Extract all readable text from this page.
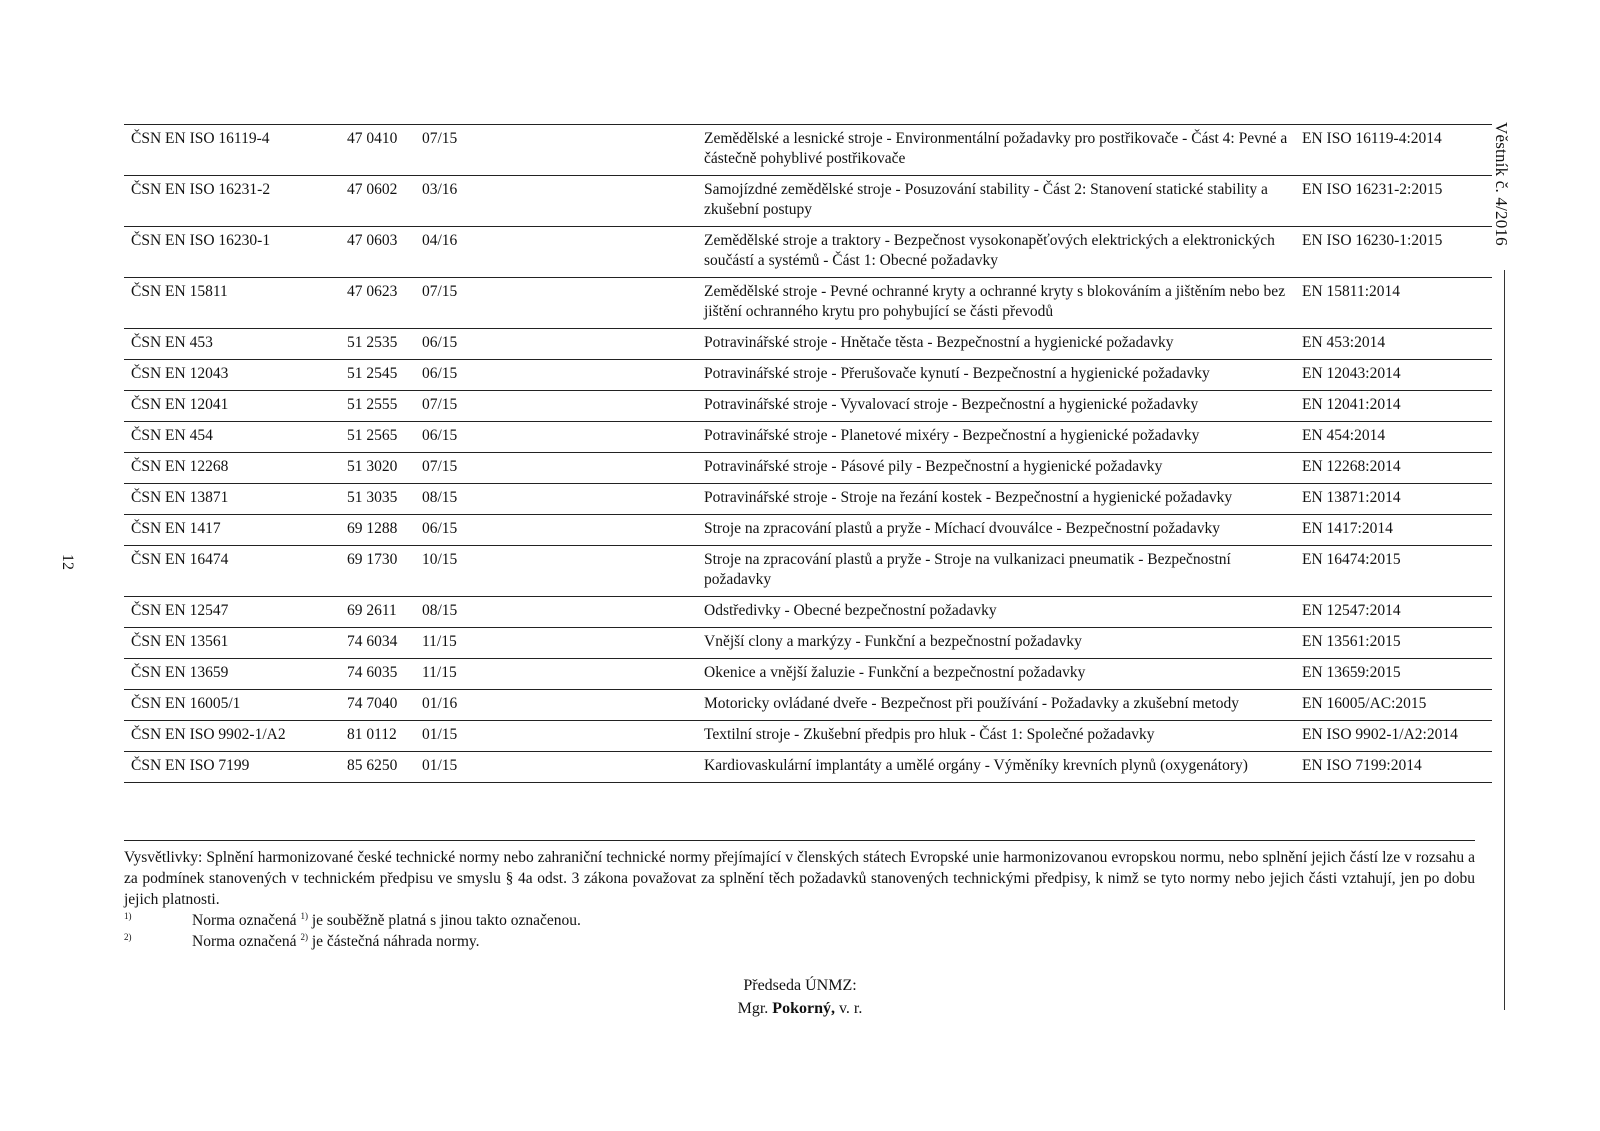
12
Věstník č. 4/2016
ČSN EN ISO 16119-4	47 0410	07/15	Zemědělské a lesnické stroje - Environmentální požadavky pro postřikovače - Část 4: Pevné a částečně pohyblivé postřikovače	EN ISO 16119-4:2014
ČSN EN ISO 16231-2	47 0602	03/16	Samojízdné zemědělské stroje - Posuzování stability - Část 2: Stanovení statické stability a zkušební postupy	EN ISO 16231-2:2015
ČSN EN ISO 16230-1	47 0603	04/16	Zemědělské stroje a traktory - Bezpečnost vysokonapěťových elektrických a elektronických součástí a systémů - Část 1: Obecné požadavky	EN ISO 16230-1:2015
ČSN EN 15811	47 0623	07/15	Zemědělské stroje - Pevné ochranné kryty a ochranné kryty s blokováním a jištěním nebo bez jištění ochranného krytu pro pohybující se části převodů	EN 15811:2014
ČSN EN 453	51 2535	06/15	Potravinářské stroje - Hnětače těsta - Bezpečnostní a hygienické požadavky	EN 453:2014
ČSN EN 12043	51 2545	06/15	Potravinářské stroje - Přerušovače kynutí - Bezpečnostní a hygienické požadavky	EN 12043:2014
ČSN EN 12041	51 2555	07/15	Potravinářské stroje - Vyvalovací stroje - Bezpečnostní a hygienické požadavky	EN 12041:2014
ČSN EN 454	51 2565	06/15	Potravinářské stroje - Planetové mixéry - Bezpečnostní a hygienické požadavky	EN 454:2014
ČSN EN 12268	51 3020	07/15	Potravinářské stroje - Pásové pily - Bezpečnostní a hygienické požadavky	EN 12268:2014
ČSN EN 13871	51 3035	08/15	Potravinářské stroje - Stroje na řezání kostek - Bezpečnostní a hygienické požadavky	EN 13871:2014
ČSN EN 1417	69 1288	06/15	Stroje na zpracování plastů a pryže - Míchací dvouválce - Bezpečnostní požadavky	EN 1417:2014
ČSN EN 16474	69 1730	10/15	Stroje na zpracování plastů a pryže - Stroje na vulkanizaci pneumatik - Bezpečnostní požadavky	EN 16474:2015
ČSN EN 12547	69 2611	08/15	Odstředivky - Obecné bezpečnostní požadavky	EN 12547:2014
ČSN EN 13561	74 6034	11/15	Vnější clony a markýzy - Funkční a bezpečnostní požadavky	EN 13561:2015
ČSN EN 13659	74 6035	11/15	Okenice a vnější žaluzie - Funkční a bezpečnostní požadavky	EN 13659:2015
ČSN EN 16005/1	74 7040	01/16	Motoricky ovládané dveře - Bezpečnost při používání - Požadavky a zkušební metody	EN 16005/AC:2015
ČSN EN ISO 9902-1/A2	81 0112	01/15	Textilní stroje - Zkušební předpis pro hluk - Část 1: Společné požadavky	EN ISO 9902-1/A2:2014
ČSN EN ISO 7199	85 6250	01/15	Kardiovaskulární implantáty a umělé orgány - Výměníky krevních plynů (oxygenátory)	EN ISO 7199:2014
Vysvětlivky: Splnění harmonizované české technické normy nebo zahraniční technické normy přejímající v členských státech Evropské unie harmonizovanou evropskou normu, nebo splnění jejich částí lze v rozsahu a za podmínek stanovených v technickém předpisu ve smyslu § 4a odst. 3 zákona považovat za splnění těch požadavků stanovených technickými předpisy, k nimž se tyto normy nebo jejich části vztahují, jen po dobu jejich platnosti.
1)	Norma označená $^{1)}$ je souběžně platná s jinou takto označenou.
2)	Norma označená $^{2)}$ je částečná náhrada normy.
Předseda ÚNMZ:
Mgr. Pokorný, v. r.
